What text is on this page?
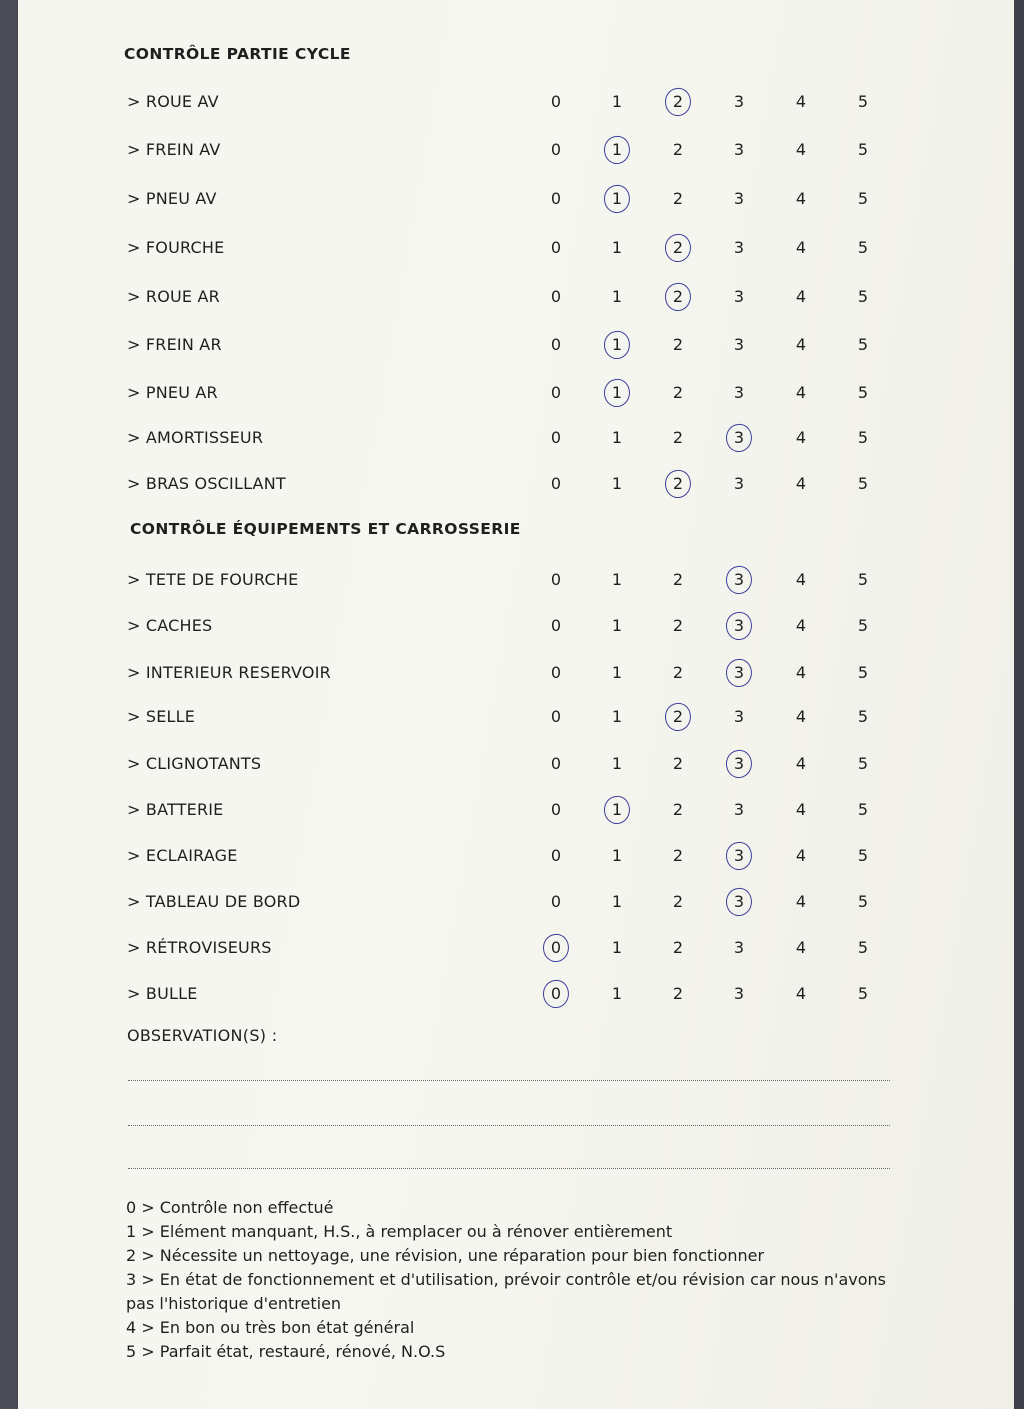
CONTRÔLE PARTIE CYCLE
CONTRÔLE ÉQUIPEMENTS ET CARROSSERIE
> ROUE AV	0	1	2	3	4	5
> FREIN AV	0	1	2	3	4	5
> PNEU AV	0	1	2	3	4	5
> FOURCHE	0	1	2	3	4	5
> ROUE AR	0	1	2	3	4	5
> FREIN AR	0	1	2	3	4	5
> PNEU AR	0	1	2	3	4	5
> AMORTISSEUR	0	1	2	3	4	5
> BRAS OSCILLANT	0	1	2	3	4	5
> TETE DE FOURCHE	0	1	2	3	4	5
> CACHES	0	1	2	3	4	5
> INTERIEUR RESERVOIR	0	1	2	3	4	5
> SELLE	0	1	2	3	4	5
> CLIGNOTANTS	0	1	2	3	4	5
> BATTERIE	0	1	2	3	4	5
> ECLAIRAGE	0	1	2	3	4	5
> TABLEAU DE BORD	0	1	2	3	4	5
> RÉTROVISEURS	0	1	2	3	4	5
> BULLE	0	1	2	3	4	5
OBSERVATION(S) :
0 > Contrôle non effectué
1 > Elément manquant, H.S., à remplacer ou à rénover entièrement
2 > Nécessite un nettoyage, une révision, une réparation pour bien fonctionner
3 > En état de fonctionnement et d'utilisation, prévoir contrôle et/ou révision car nous n'avons pas l'historique d'entretien
4 > En bon ou très bon état général
5 > Parfait état, restauré, rénové, N.O.S
